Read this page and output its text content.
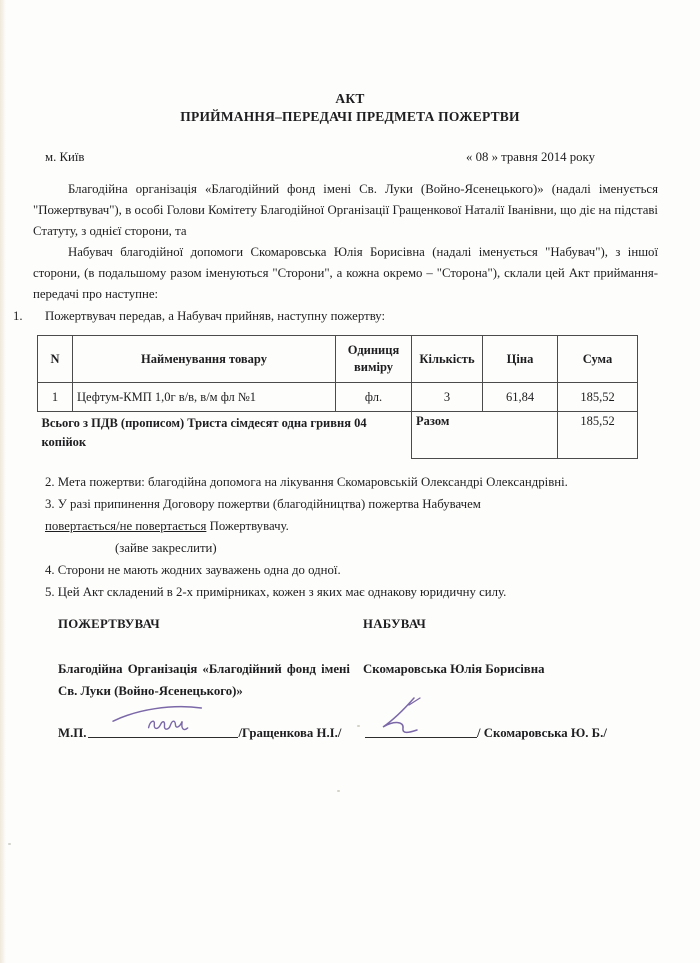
АКТ
ПРИЙМАННЯ–ПЕРЕДАЧІ ПРЕДМЕТА ПОЖЕРТВИ
м. Київ	« 08 » травня 2014 року

Благодійна організація «Благодійний фонд імені Св. Луки (Войно-Ясенецького)» (надалі іменується "Пожертвувач"), в особі Голови Комітету Благодійної Організації Гращенкової Наталії Іванівни, що діє на підставі Статуту, з однієї сторони, та

Набувач благодійної допомоги Скомаровська Юлія Борисівна (надалі іменується "Набувач"), з іншої сторони, (в подальшому разом іменуються "Сторони", а кожна окремо – "Сторона"), склали цей Акт приймання-передачі про наступне:

1.	Пожертвувач передав, а Набувач прийняв, наступну пожертву:
N	Найменування товару	Одиниця виміру	Кількість	Ціна	Сума
1	Цефтум-КМП 1,0г в/в, в/м фл №1	фл.	3	61,84	185,52
Всього з ПДВ (прописом) Триста сімдесят одна гривня 04 копійок			Разом		185,52
2. Мета пожертви: благодійна допомога на лікування Скомаровській Олександрі Олександрівні.
3. У разі припинення Договору пожертви (благодійництва) пожертва Набувачем
повертається/не повертається Пожертвувачу.
(зайве закреслити)
4. Сторони не мають жодних зауважень одна до одної.
5. Цей Акт складений в 2-х примірниках, кожен з яких має однакову юридичну силу.
ПОЖЕРТВУВАЧ	НАБУВАЧ
Благодійна Організація «Благодійний фонд імені Св. Луки (Войно-Ясенецького)»
Скомаровська Юлія Борисівна
М.П.	/Гращенкова Н.І./	/ Скомаровська Ю. Б./
